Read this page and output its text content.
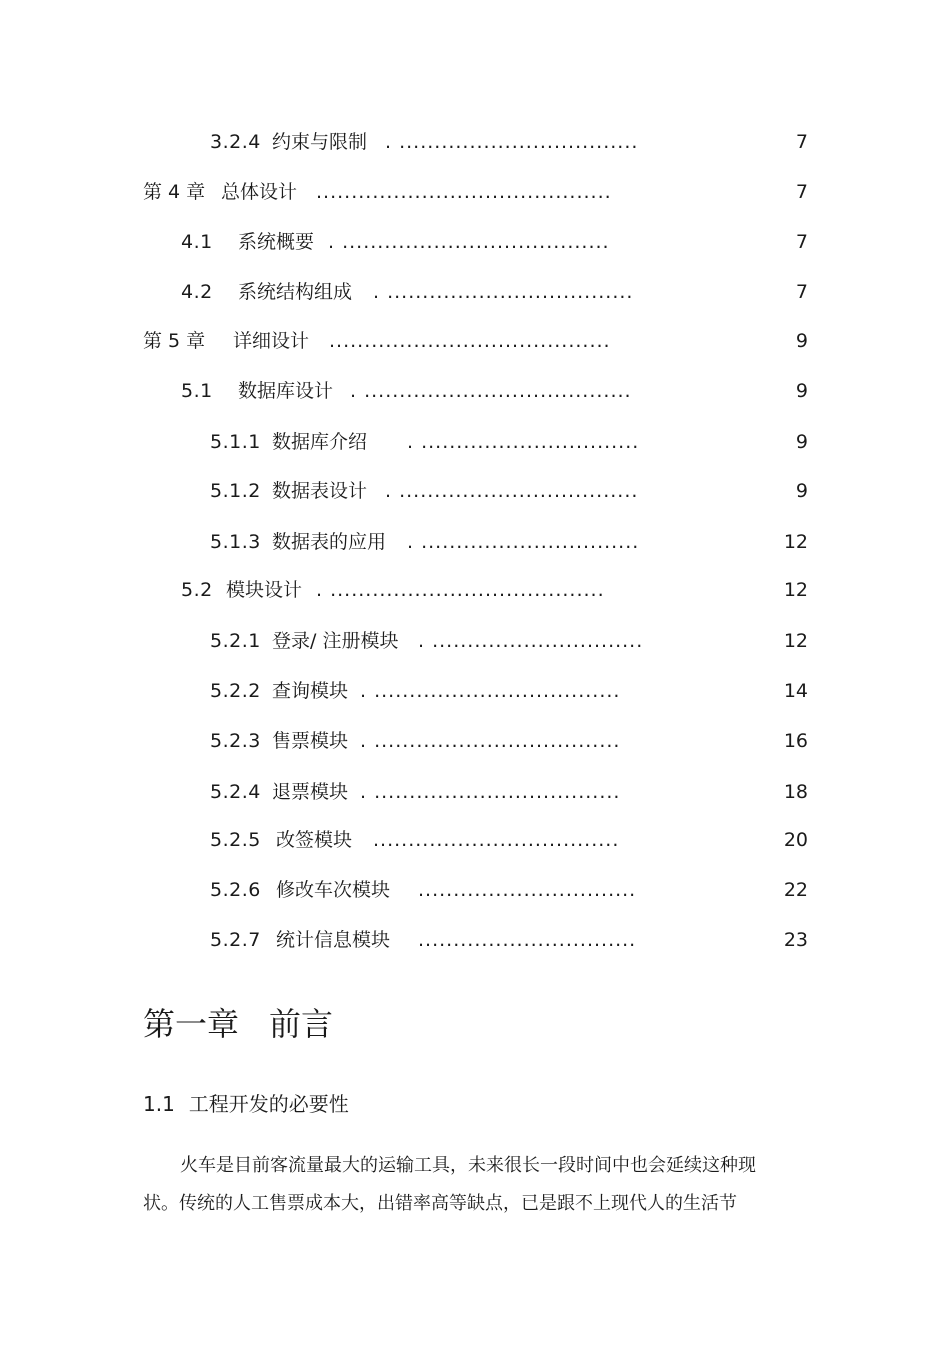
3.2.4 约束与限制 . ..................................	7
第 4 章 总体设计 ..........................................	7
4.1 系统概要 . ......................................	7
4.2 系统结构组成 . ...................................	7
第 5 章 详细设计 ........................................	9
5.1 数据库设计 . ......................................	9
5.1.1 数据库介绍 . ...............................	9
5.1.2 数据表设计 . ..................................	9
5.1.3 数据表的应用 . ...............................	12
5.2 模块设计 . .......................................	12
5.2.1 登录/ 注册模块 . ..............................	12
5.2.2 查询模块 . ...................................	14
5.2.3 售票模块 . ...................................	16
5.2.4 退票模块 . ...................................	18
5.2.5 改签模块 ...................................	20
5.2.6 修改车次模块 ...............................	22
5.2.7 统计信息模块 ...............................	23
第一章 前言
1.1 工程开发的必要性
火车是目前客流量最大的运输工具，未来很长一段时间中也会延续这种现
状。传统的人工售票成本大，出错率高等缺点，已是跟不上现代人的生活节
